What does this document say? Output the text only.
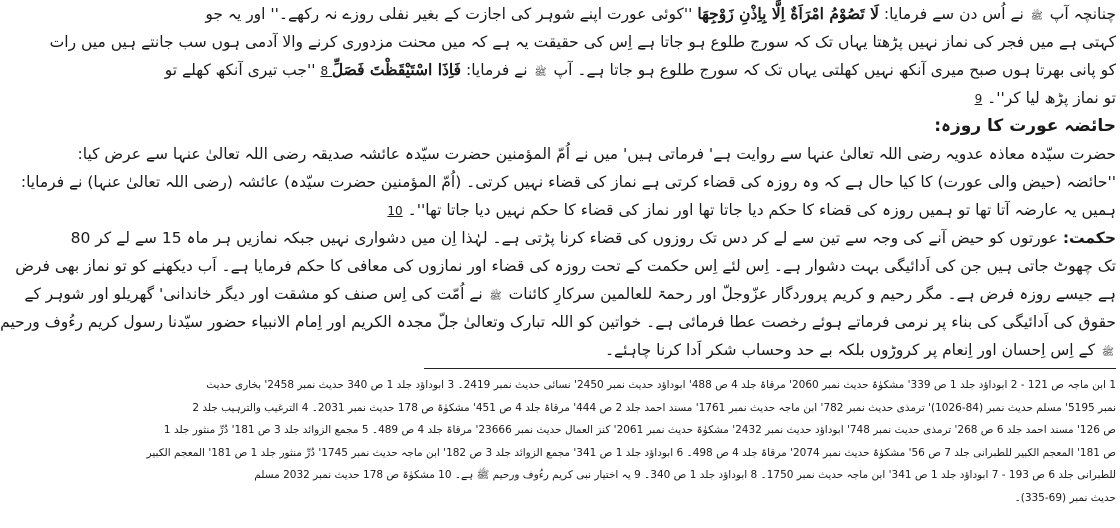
چنانچہ آپ ﷺ نے اُس دن سے فرمایا: لَا تَصُوْمُ امْرَاَةٌ اِلَّا بِاِذْنِ زَوْجِهَا ''کوئی عورت اپنے شوہر کی اجازت کے بغیر نفلی روزے نہ رکھے۔'' اور یہ جو
کہتی ہے میں فجر کی نماز نہیں پڑھتا یہاں تک کہ سورج طلوع ہو جاتا ہے اِس کی حقیقت یہ ہے کہ میں محنت مزدوری کرنے والا آدمی ہوں سب جانتے ہیں میں رات
کو پانی بھرتا ہوں صبح میری آنکھ نہیں کھلتی یہاں تک کہ سورج طلوع ہو جاتا ہے۔ آپ ﷺ نے فرمایا: فَاِذَا اسْتَیْقَظْتَ فَصَلِّ 8 ''جب تیری آنکھ کھلے تو
تو نماز پڑھ لیا کر''۔ 9
حائضہ عورت کا روزہ:
حضرت سیّدہ معاذہ عدویہ رضی اللہ تعالیٰ عنہا سے روایت ہے' فرماتی ہیں' میں نے اُمّ المؤمنین حضرت سیّدہ عائشہ صدیقہ رضی اللہ تعالیٰ عنہا سے عرض کیا:
''حائضہ (حیض والی عورت) کا کیا حال ہے کہ وہ روزہ کی قضاء کرتی ہے نماز کی قضاء نہیں کرتی۔ (اُمّ المؤمنین حضرت سیّدہ) عائشہ (رضی اللہ تعالیٰ عنہا) نے فرمایا:
ہمیں یہ عارضہ آتا تھا تو ہمیں روزہ کی قضاء کا حکم دیا جاتا تھا اور نماز کی قضاء کا حکم نہیں دیا جاتا تھا''۔ 10
حکمت: عورتوں کو حیض آنے کی وجہ سے تین سے لے کر دس تک روزوں کی قضاء کرنا پڑتی ہے۔ لہٰذا اِن میں دشواری نہیں جبکہ نمازیں ہر ماہ 15 سے لے کر 80
تک چھوٹ جاتی ہیں جن کی اَدائیگی بہت دشوار ہے۔ اِس لئے اِس حکمت کے تحت روزہ کی قضاء اور نمازوں کی معافی کا حکم فرمایا ہے۔ اَب دیکھنے کو تو نماز بھی فرض
ہے جیسے روزہ فرض ہے۔ مگر رحیم و کریم پروردگار عزّوجلّ اور رحمۃ للعالمین سرکارِ کائنات ﷺ نے اُمّت کی اِس صنف کو مشقت اور دیگر خاندانی' گھریلو اور شوہر کے
حقوق کی اَدائیگی کی بناء پر نرمی فرماتے ہوئے رخصت عطا فرمائی ہے۔ خواتین کو اللہ تبارک وتعالیٰ جلّ مجدہ الکریم اور اِمام الانبیاء حضور سیّدنا رسول کریم رءُوف ورحیم
ﷺ کے اِس اِحسان اور اِنعام پر کروڑوں بلکہ بے حد وحساب شکر اَدا کرنا چاہئے۔
1 ابن ماجہ ص 121 - 2 ابوداؤد جلد 1 ص 339' مشکوٰۃ حدیث نمبر 2060' مرقاۃ جلد 4 ص 488' ابوداؤد حدیث نمبر 2450' نسائی حدیث نمبر 2419۔ 3 ابوداؤد جلد 1 ص 340 حدیث نمبر 2458' بخاری حدیث
نمبر 5195' مسلم حدیث نمبر (84-1026)' ترمذی حدیث نمبر 782' ابن ماجہ حدیث نمبر 1761' مسند احمد جلد 2 ص 444' مرقاۃ جلد 4 ص 451' مشکوٰۃ ص 178 حدیث نمبر 2031۔ 4 الترغیب والترہیب جلد 2
ص 126' مسند احمد جلد 6 ص 268' ترمذی حدیث نمبر 748' ابوداؤد حدیث نمبر 2432' مشکوٰۃ حدیث نمبر 2061' کنز العمال حدیث نمبر 23666' مرقاۃ جلد 4 ص 489۔ 5 مجمع الزوائد جلد 3 ص 181' دُرِّ منثور جلد 1
ص 181' المعجم الکبیر للطبرانی جلد 7 ص 56' مشکوٰۃ حدیث نمبر 2074' مرقاۃ جلد 4 ص 498۔ 6 ابوداؤد جلد 1 ص 341' مجمع الزوائد جلد 3 ص 182' ابن ماجہ حدیث نمبر 1745' دُرِّ منثور جلد 1 ص 181' المعجم الکبیر
للطبرانی جلد 6 ص 193 - 7 ابوداؤد جلد 1 ص 341' ابن ماجہ حدیث نمبر 1750۔ 8 ابوداؤد جلد 1 ص 340۔ 9 یہ اختیار نبی کریم رءُوف ورحیم ﷺ ہے۔ 10 مشکوٰۃ ص 178 حدیث نمبر 2032 مسلم
حدیث نمبر (69-335)۔
